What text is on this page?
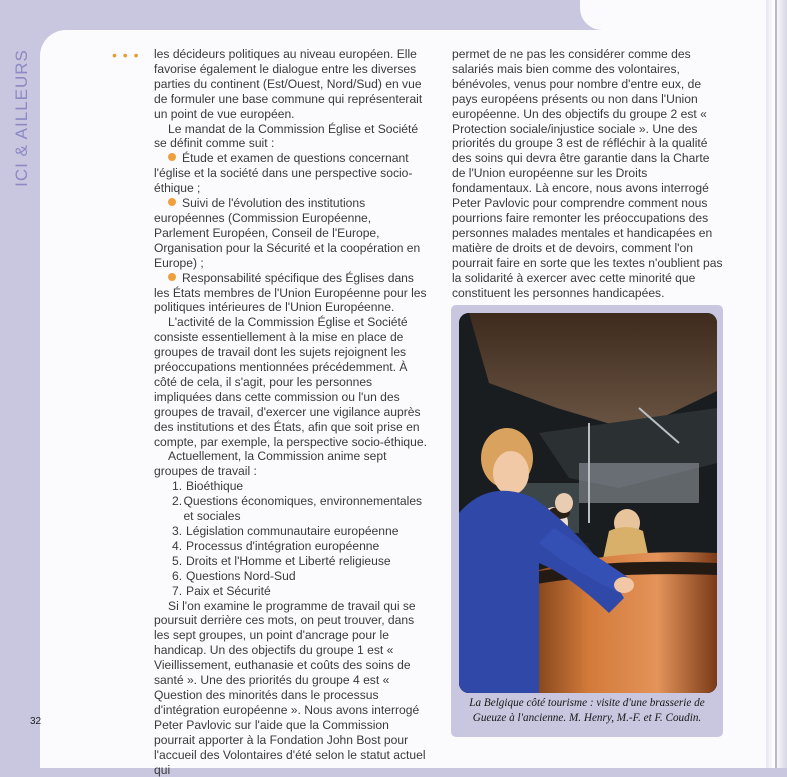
ICI & AILLEURS	• • • les décideurs politiques au niveau européen. Elle favorise également le dialogue entre les diverses parties du continent (Est/Ouest, Nord/Sud) en vue de formuler une base commune qui représenterait un point de vue européen.

Le mandat de la Commission Église et Société se définit comme suit :

Étude et examen de questions concernant l'église et la société dans une perspective socio-éthique ;

Suivi de l'évolution des institutions européennes (Commission Européenne, Parlement Européen, Conseil de l'Europe, Organisation pour la Sécurité et la coopération en Europe) ;

Responsabilité spécifique des Églises dans les États membres de l'Union Européenne pour les politiques intérieures de l'Union Européenne.

L'activité de la Commission Église et Société consiste essentiellement à la mise en place de groupes de travail dont les sujets rejoignent les préoccupations mentionnées précédemment. À côté de cela, il s'agit, pour les personnes impliquées dans cette commission ou l'un des groupes de travail, d'exercer une vigilance auprès des institutions et des États, afin que soit prise en compte, par exemple, la perspective socio-éthique.

Actuellement, la Commission anime sept groupes de travail :

1. Bioéthique
2. Questions économiques, environnementales et sociales
3. Législation communautaire européenne
4. Processus d'intégration européenne
5. Droits et l'Homme et Liberté religieuse
6. Questions Nord-Sud
7. Paix et Sécurité

Si l'on examine le programme de travail qui se poursuit derrière ces mots, on peut trouver, dans les sept groupes, un point d'ancrage pour le handicap. Un des objectifs du groupe 1 est « Vieillissement, euthanasie et coûts des soins de santé ». Une des priorités du groupe 4 est « Question des minorités dans le processus d'intégration européenne ». Nous avons interrogé Peter Pavlovic sur l'aide que la Commission pourrait apporter à la Fondation John Bost pour l'accueil des Volontaires d'été selon le statut actuel qui

permet de ne pas les considérer comme des salariés mais bien comme des volontaires, bénévoles, venus pour nombre d'entre eux, de pays européens présents ou non dans l'Union européenne. Un des objectifs du groupe 2 est « Protection sociale/injustice sociale ». Une des priorités du groupe 3 est de réfléchir à la qualité des soins qui devra être garantie dans la Charte de l'Union européenne sur les Droits fondamentaux. Là encore, nous avons interrogé Peter Pavlovic pour comprendre comment nous pourrions faire remonter les préoccupations des personnes malades mentales et handicapées en matière de droits et de devoirs, comment l'on pourrait faire en sorte que les textes n'oublient pas la solidarité à exercer avec cette minorité que constituent les personnes handicapées.

La Belgique côté tourisme : visite d'une brasserie de Gueuze à l'ancienne. M. Henry, M.-F. et F. Coudin.
32
